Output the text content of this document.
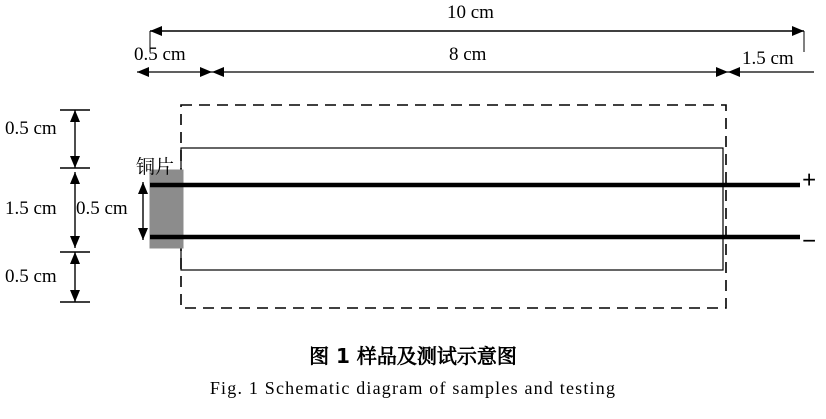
10 cm
0.5 cm	8 cm	1.5 cm
0.5 cm
1.5 cm 0.5 cm
0.5 cm
铜片	+
−
图 1 样品及测试示意图
Fig. 1 Schematic diagram of samples and testing
